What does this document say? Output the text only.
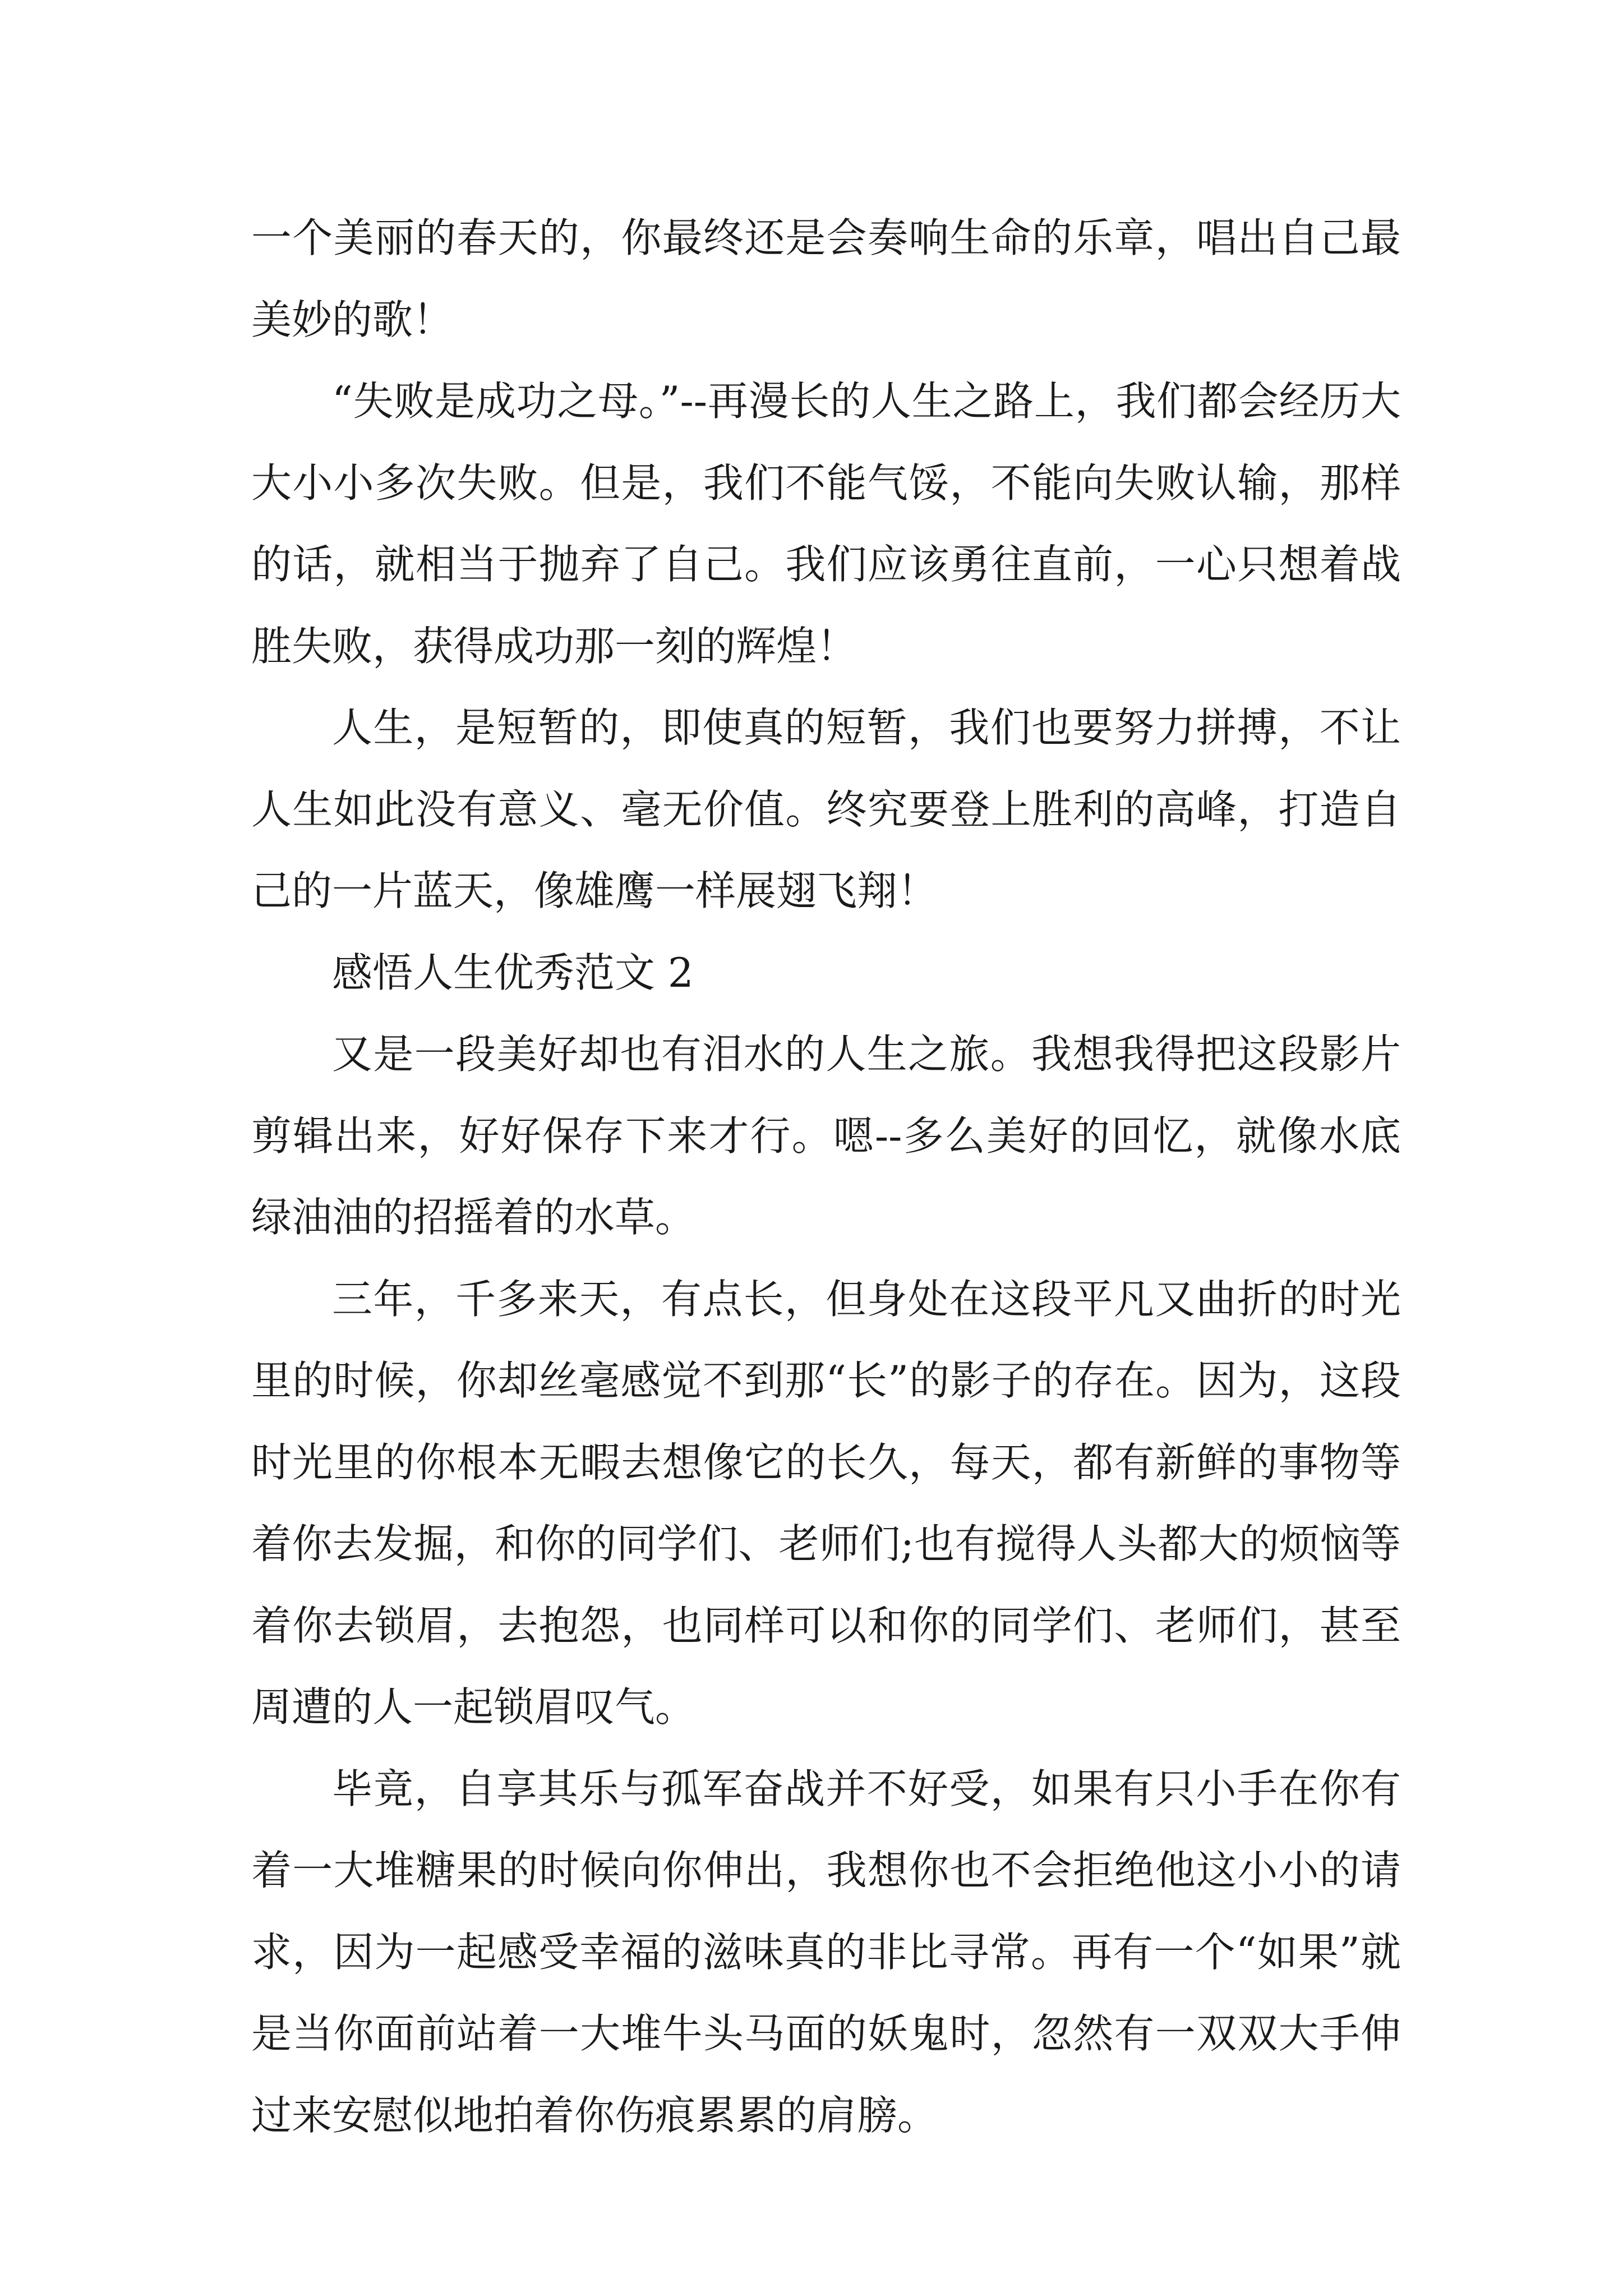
一个美丽的春天的，你最终还是会奏响生命的乐章，唱出自己最美妙的歌！

“失败是成功之母。”--再漫长的人生之路上，我们都会经历大大小小多次失败。但是，我们不能气馁，不能向失败认输，那样的话，就相当于抛弃了自己。我们应该勇往直前，一心只想着战胜失败，获得成功那一刻的辉煌！

人生，是短暂的，即使真的短暂，我们也要努力拼搏，不让人生如此没有意义、毫无价值。终究要登上胜利的高峰，打造自己的一片蓝天，像雄鹰一样展翅飞翔！

感悟人生优秀范文 2

又是一段美好却也有泪水的人生之旅。我想我得把这段影片剪辑出来，好好保存下来才行。嗯--多么美好的回忆，就像水底绿油油的招摇着的水草。

三年，千多来天，有点长，但身处在这段平凡又曲折的时光里的时候，你却丝毫感觉不到那“长”的影子的存在。因为，这段时光里的你根本无暇去想像它的长久，每天，都有新鲜的事物等着你去发掘，和你的同学们、老师们;也有搅得人头都大的烦恼等着你去锁眉，去抱怨，也同样可以和你的同学们、老师们，甚至周遭的人一起锁眉叹气。

毕竟，自享其乐与孤军奋战并不好受，如果有只小手在你有着一大堆糖果的时候向你伸出，我想你也不会拒绝他这小小的请求，因为一起感受幸福的滋味真的非比寻常。再有一个“如果”就是当你面前站着一大堆牛头马面的妖鬼时，忽然有一双双大手伸过来安慰似地拍着你伤痕累累的肩膀。
